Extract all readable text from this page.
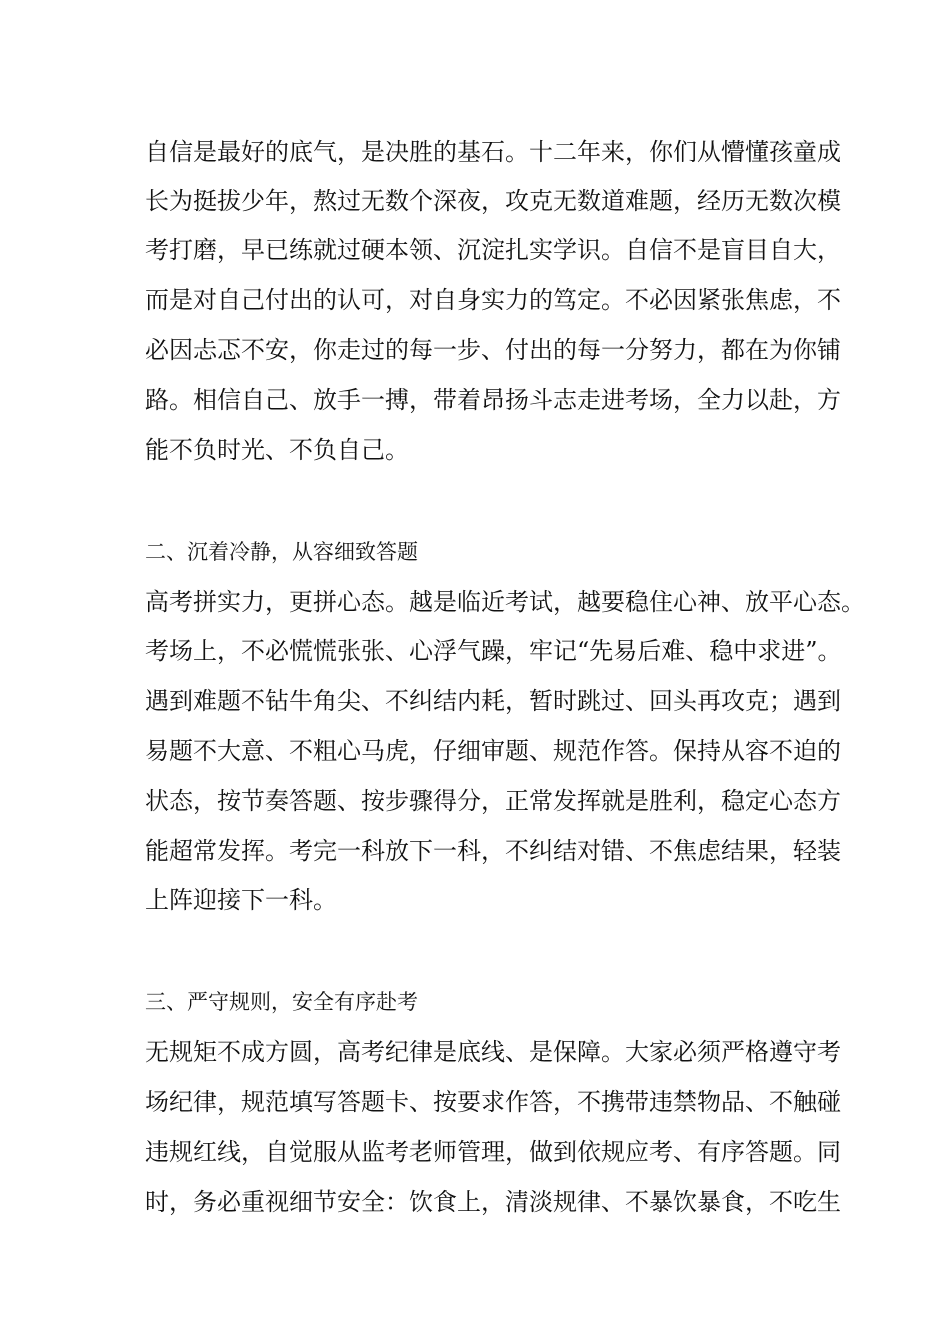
自信是最好的底气，是决胜的基石。十二年来，你们从懵懂孩童成

长为挺拔少年，熬过无数个深夜，攻克无数道难题，经历无数次模

考打磨，早已练就过硬本领、沉淀扎实学识。自信不是盲目自大，

而是对自己付出的认可，对自身实力的笃定。不必因紧张焦虑，不

必因忐忑不安，你走过的每一步、付出的每一分努力，都在为你铺

路。相信自己、放手一搏，带着昂扬斗志走进考场，全力以赴，方

能不负时光、不负自己。

二、沉着冷静，从容细致答题

高考拼实力，更拼心态。越是临近考试，越要稳住心神、放平心态。

考场上，不必慌慌张张、心浮气躁，牢记“先易后难、稳中求进”。

遇到难题不钻牛角尖、不纠结内耗，暂时跳过、回头再攻克；遇到

易题不大意、不粗心马虎，仔细审题、规范作答。保持从容不迫的

状态，按节奏答题、按步骤得分，正常发挥就是胜利，稳定心态方

能超常发挥。考完一科放下一科，不纠结对错、不焦虑结果，轻装

上阵迎接下一科。

三、严守规则，安全有序赴考

无规矩不成方圆，高考纪律是底线、是保障。大家必须严格遵守考

场纪律，规范填写答题卡、按要求作答，不携带违禁物品、不触碰

违规红线，自觉服从监考老师管理，做到依规应考、有序答题。同

时，务必重视细节安全：饮食上，清淡规律、不暴饮暴食，不吃生
